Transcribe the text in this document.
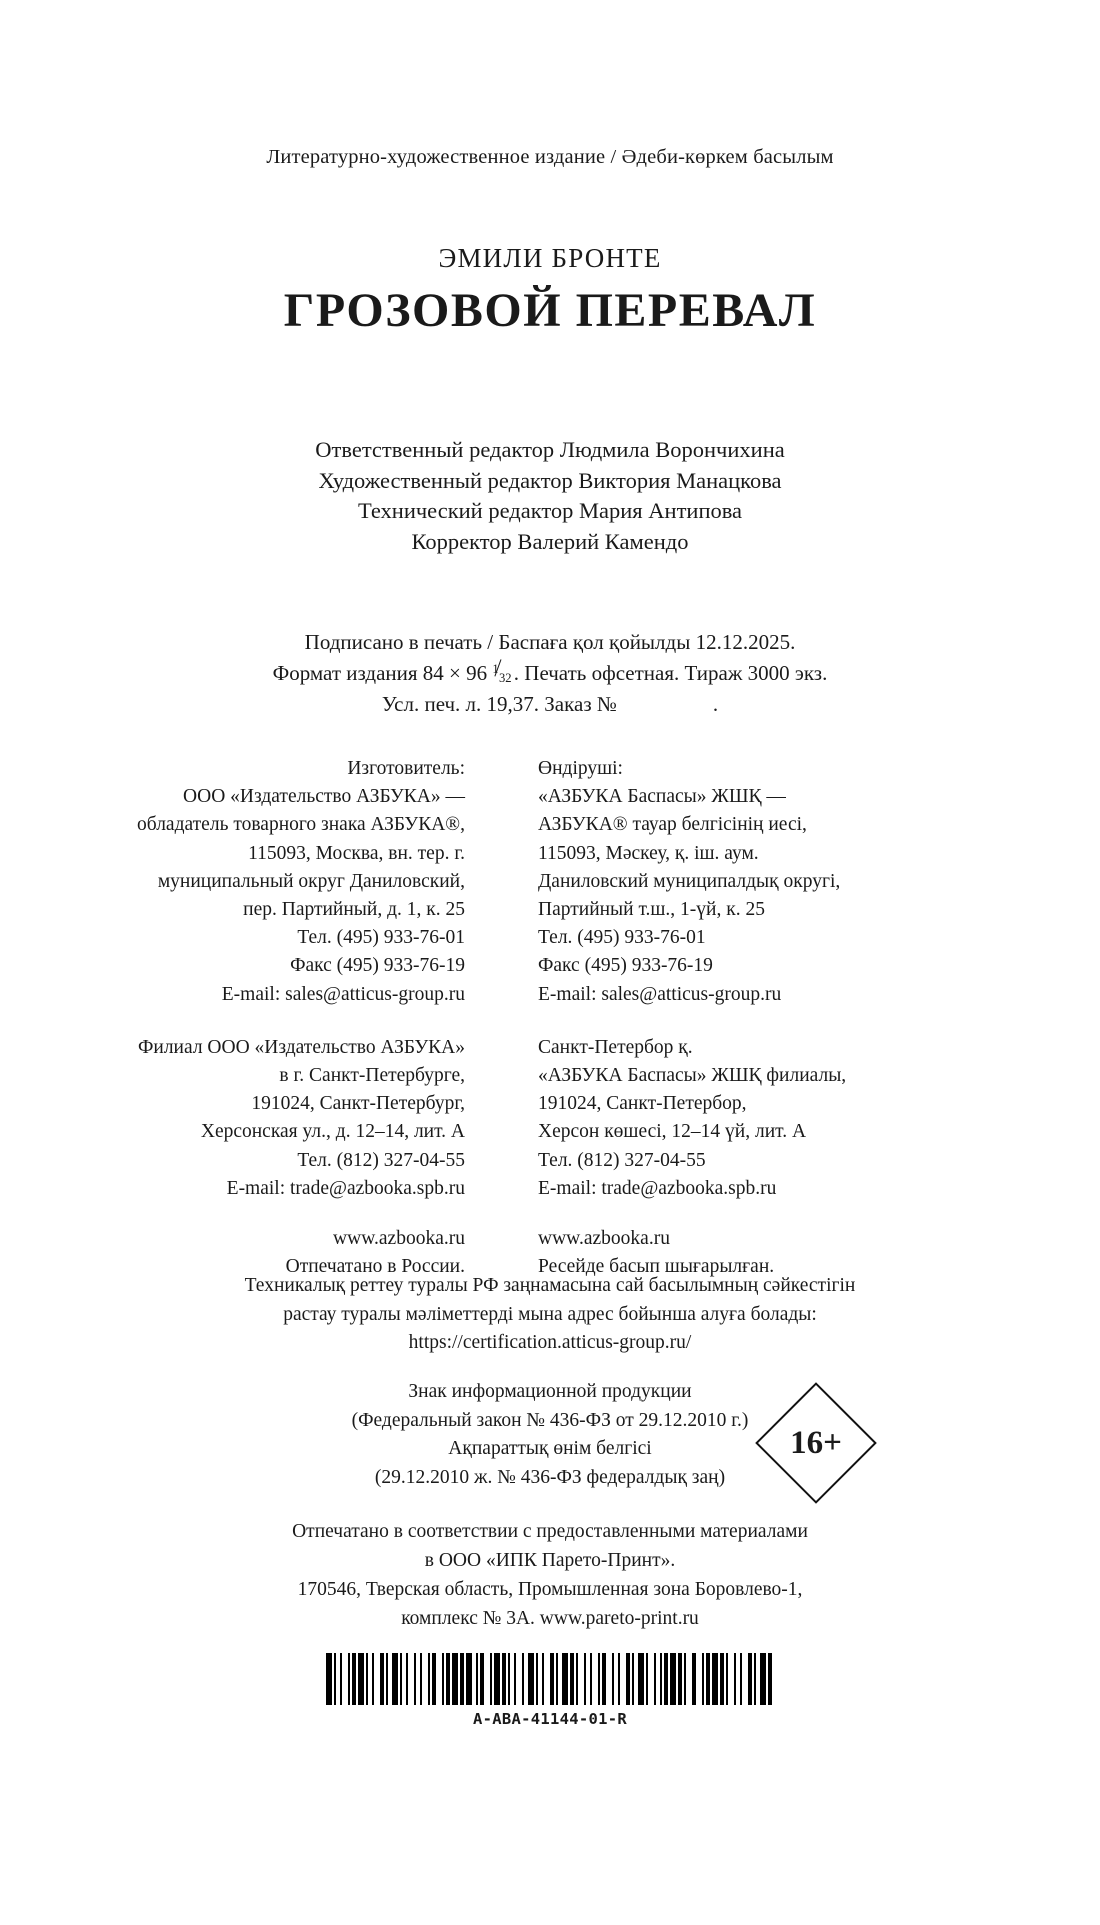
Литературно-художественное издание / Әдеби-көркем басылым
ЭМИЛИ БРОНТЕ
ГРОЗОВОЙ ПЕРЕВАЛ
Ответственный редактор Людмила Ворончихина
Художественный редактор Виктория Манацкова
Технический редактор Мария Антипова
Корректор Валерий Камендо
Подписано в печать / Баспаға қол қойылды 12.12.2025.
Формат издания 84 × 96 1
32 . Печать офсетная. Тираж 3000 экз.
Усл. печ. л. 19,37. Заказ №	.
Изготовитель:
ООО «Издательство АЗБУКА» —
обладатель товарного знака АЗБУКА®,
115093, Москва, вн. тер. г.
муниципальный округ Даниловский,
пер. Партийный, д. 1, к. 25
Тел. (495) 933-76-01
Факс (495) 933-76-19
E-mail: sales@atticus-group.ru
Өндіруші:
«АЗБУКА Баспасы» ЖШҚ —
АЗБУКА® тауар белгісінің иесі,
115093, Мәскеу, қ. іш. аум.
Даниловский муниципалдық округі,
Партийный т.ш., 1-үй, к. 25
Тел. (495) 933-76-01
Факс (495) 933-76-19
E-mail: sales@atticus-group.ru
Филиал ООО «Издательство АЗБУКА»
в г. Санкт-Петербурге,
191024, Санкт-Петербург,
Херсонская ул., д. 12–14, лит. А
Тел. (812) 327-04-55
E-mail: trade@azbooka.spb.ru
Санкт-Петербор қ.
«АЗБУКА Баспасы» ЖШҚ филиалы,
191024, Санкт-Петербор,
Херсон көшесі, 12–14 үй, лит. А
Тел. (812) 327-04-55
E-mail: trade@azbooka.spb.ru
www.azbooka.ru
Отпечатано в России.
www.azbooka.ru
Ресейде басып шығарылған.
Техникалық реттеу туралы РФ заңнамасына сай басылымның сәйкестігін
растау туралы мәліметтерді мына адрес бойынша алуға болады:
https://certification.atticus-group.ru/
Знак информационной продукции
(Федеральный закон № 436-ФЗ от 29.12.2010 г.)
Ақпараттық өнім белгісі
(29.12.2010 ж. № 436-ФЗ федералдық заң)
16+
Отпечатано в соответствии с предоставленными материалами
в ООО «ИПК Парето-Принт».
170546, Тверская область, Промышленная зона Боровлево-1,
комплекс № 3А. www.pareto-print.ru
A-ABA-41144-01-R
